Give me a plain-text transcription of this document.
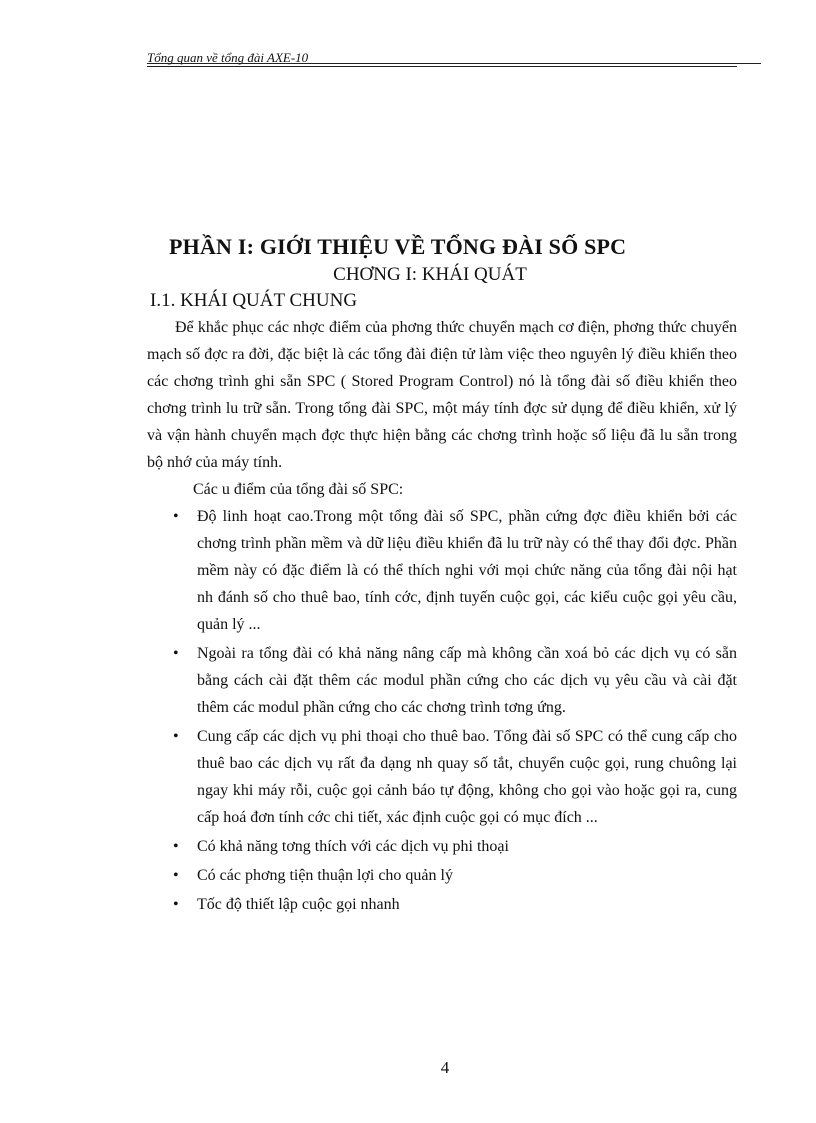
Tổng quan về tổng đài AXE-10
PHẦN I: GIỚI THIỆU VỀ TỔNG ĐÀI SỐ SPC
CHƠNG I: KHÁI QUÁT
I.1. KHÁI QUÁT CHUNG

Để khắc phục các nhợc điểm của phơng thức chuyển mạch cơ điện, phơng thức chuyển mạch số đợc ra đời, đặc biệt là các tổng đài điện tử làm việc theo nguyên lý điều khiển theo các chơng trình ghi sẵn SPC ( Stored Program Control) nó là tổng đài số điều khiển theo chơng trình lu trữ sẵn. Trong tổng đài SPC, một máy tính đợc sử dụng để điều khiển, xử lý và vận hành chuyển mạch đợc thực hiện bằng các chơng trình hoặc số liệu đã lu sẵn trong bộ nhớ của máy tính.

Các u điểm của tổng đài số SPC:

• Độ linh hoạt cao.Trong một tổng đài số SPC, phần cứng đợc điều khiển bởi các chơng trình phần mềm và dữ liệu điều khiển đã lu trữ này có thể thay đổi đợc. Phần mềm này có đặc điểm là có thể thích nghi với mọi chức năng của tổng đài nội hạt nh đánh số cho thuê bao, tính cớc, định tuyến cuộc gọi, các kiểu cuộc gọi yêu cầu, quản lý ...
• Ngoài ra tổng đài có khả năng nâng cấp mà không cần xoá bỏ các dịch vụ có sẵn bằng cách cài đặt thêm các modul phần cứng cho các dịch vụ yêu cầu và cài đặt thêm các modul phần cứng cho các chơng trình tơng ứng.
• Cung cấp các dịch vụ phi thoại cho thuê bao. Tổng đài số SPC có thể cung cấp cho thuê bao các dịch vụ rất đa dạng nh quay số tắt, chuyển cuộc gọi, rung chuông lại ngay khi máy rỗi, cuộc gọi cảnh báo tự động, không cho gọi vào hoặc gọi ra, cung cấp hoá đơn tính cớc chi tiết, xác định cuộc gọi có mục đích ...
• Có khả năng tơng thích với các dịch vụ phi thoại
• Có các phơng tiện thuận lợi cho quản lý
• Tốc độ thiết lập cuộc gọi nhanh
4
